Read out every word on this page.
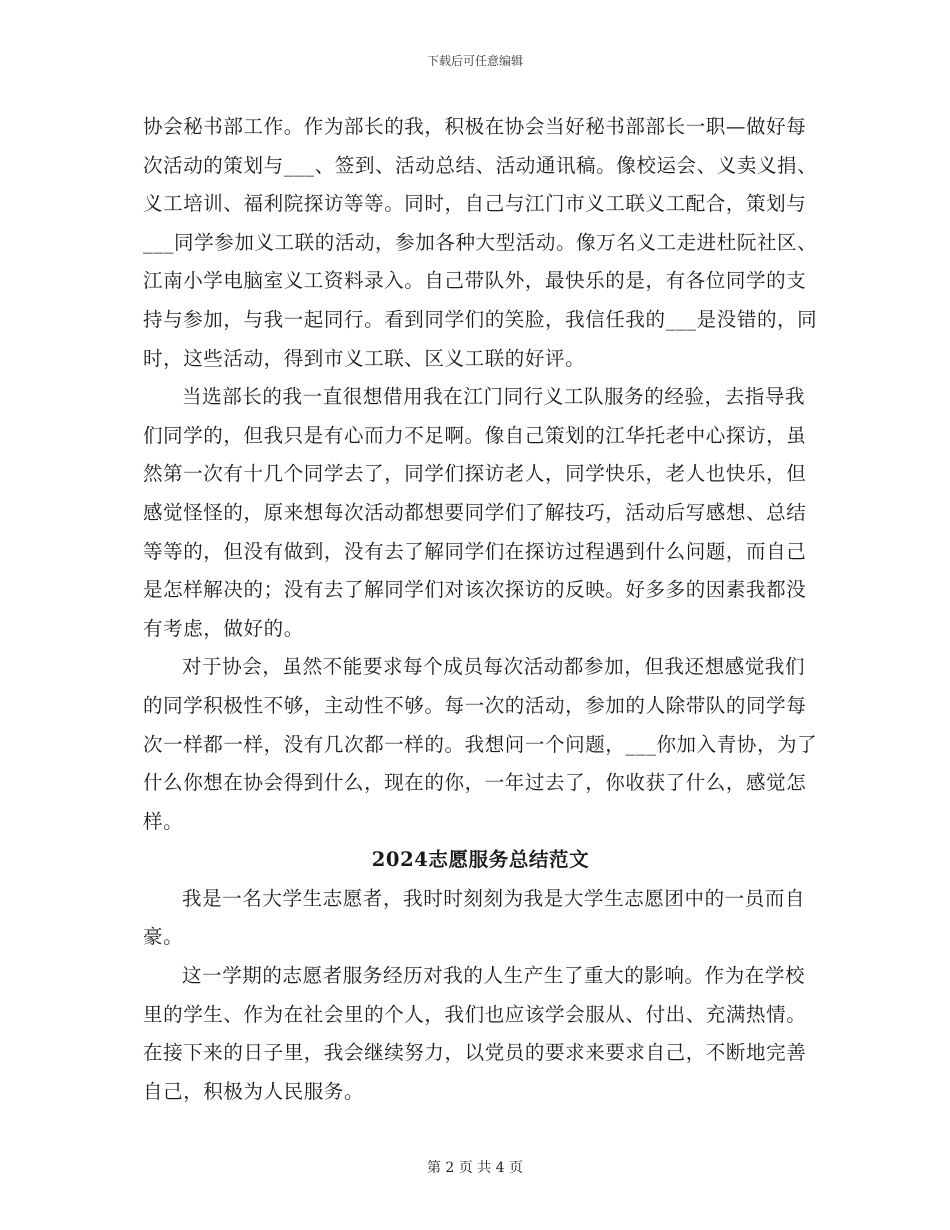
下载后可任意编辑

协会秘书部工作。作为部长的我，积极在协会当好秘书部部长一职—做好每次活动的策划与___、签到、活动总结、活动通讯稿。像校运会、义卖义捐、义工培训、福利院探访等等。同时，自己与江门市义工联义工配合，策划与___同学参加义工联的活动，参加各种大型活动。像万名义工走进杜阮社区、江南小学电脑室义工资料录入。自己带队外，最快乐的是，有各位同学的支持与参加，与我一起同行。看到同学们的笑脸，我信任我的___是没错的，同时，这些活动，得到市义工联、区义工联的好评。

当选部长的我一直很想借用我在江门同行义工队服务的经验，去指导我们同学的，但我只是有心而力不足啊。像自己策划的江华托老中心探访，虽然第一次有十几个同学去了，同学们探访老人，同学快乐，老人也快乐，但感觉怪怪的，原来想每次活动都想要同学们了解技巧，活动后写感想、总结等等的，但没有做到，没有去了解同学们在探访过程遇到什么问题，而自己是怎样解决的；没有去了解同学们对该次探访的反映。好多多的因素我都没有考虑，做好的。

对于协会，虽然不能要求每个成员每次活动都参加，但我还想感觉我们的同学积极性不够，主动性不够。每一次的活动，参加的人除带队的同学每次一样都一样，没有几次都一样的。我想问一个问题，___你加入青协，为了什么你想在协会得到什么，现在的你，一年过去了，你收获了什么，感觉怎样。

2024志愿服务总结范文

我是一名大学生志愿者，我时时刻刻为我是大学生志愿团中的一员而自豪。

这一学期的志愿者服务经历对我的人生产生了重大的影响。作为在学校里的学生、作为在社会里的个人，我们也应该学会服从、付出、充满热情。在接下来的日子里，我会继续努力，以党员的要求来要求自己，不断地完善自己，积极为人民服务。

第 2 页 共 4 页
